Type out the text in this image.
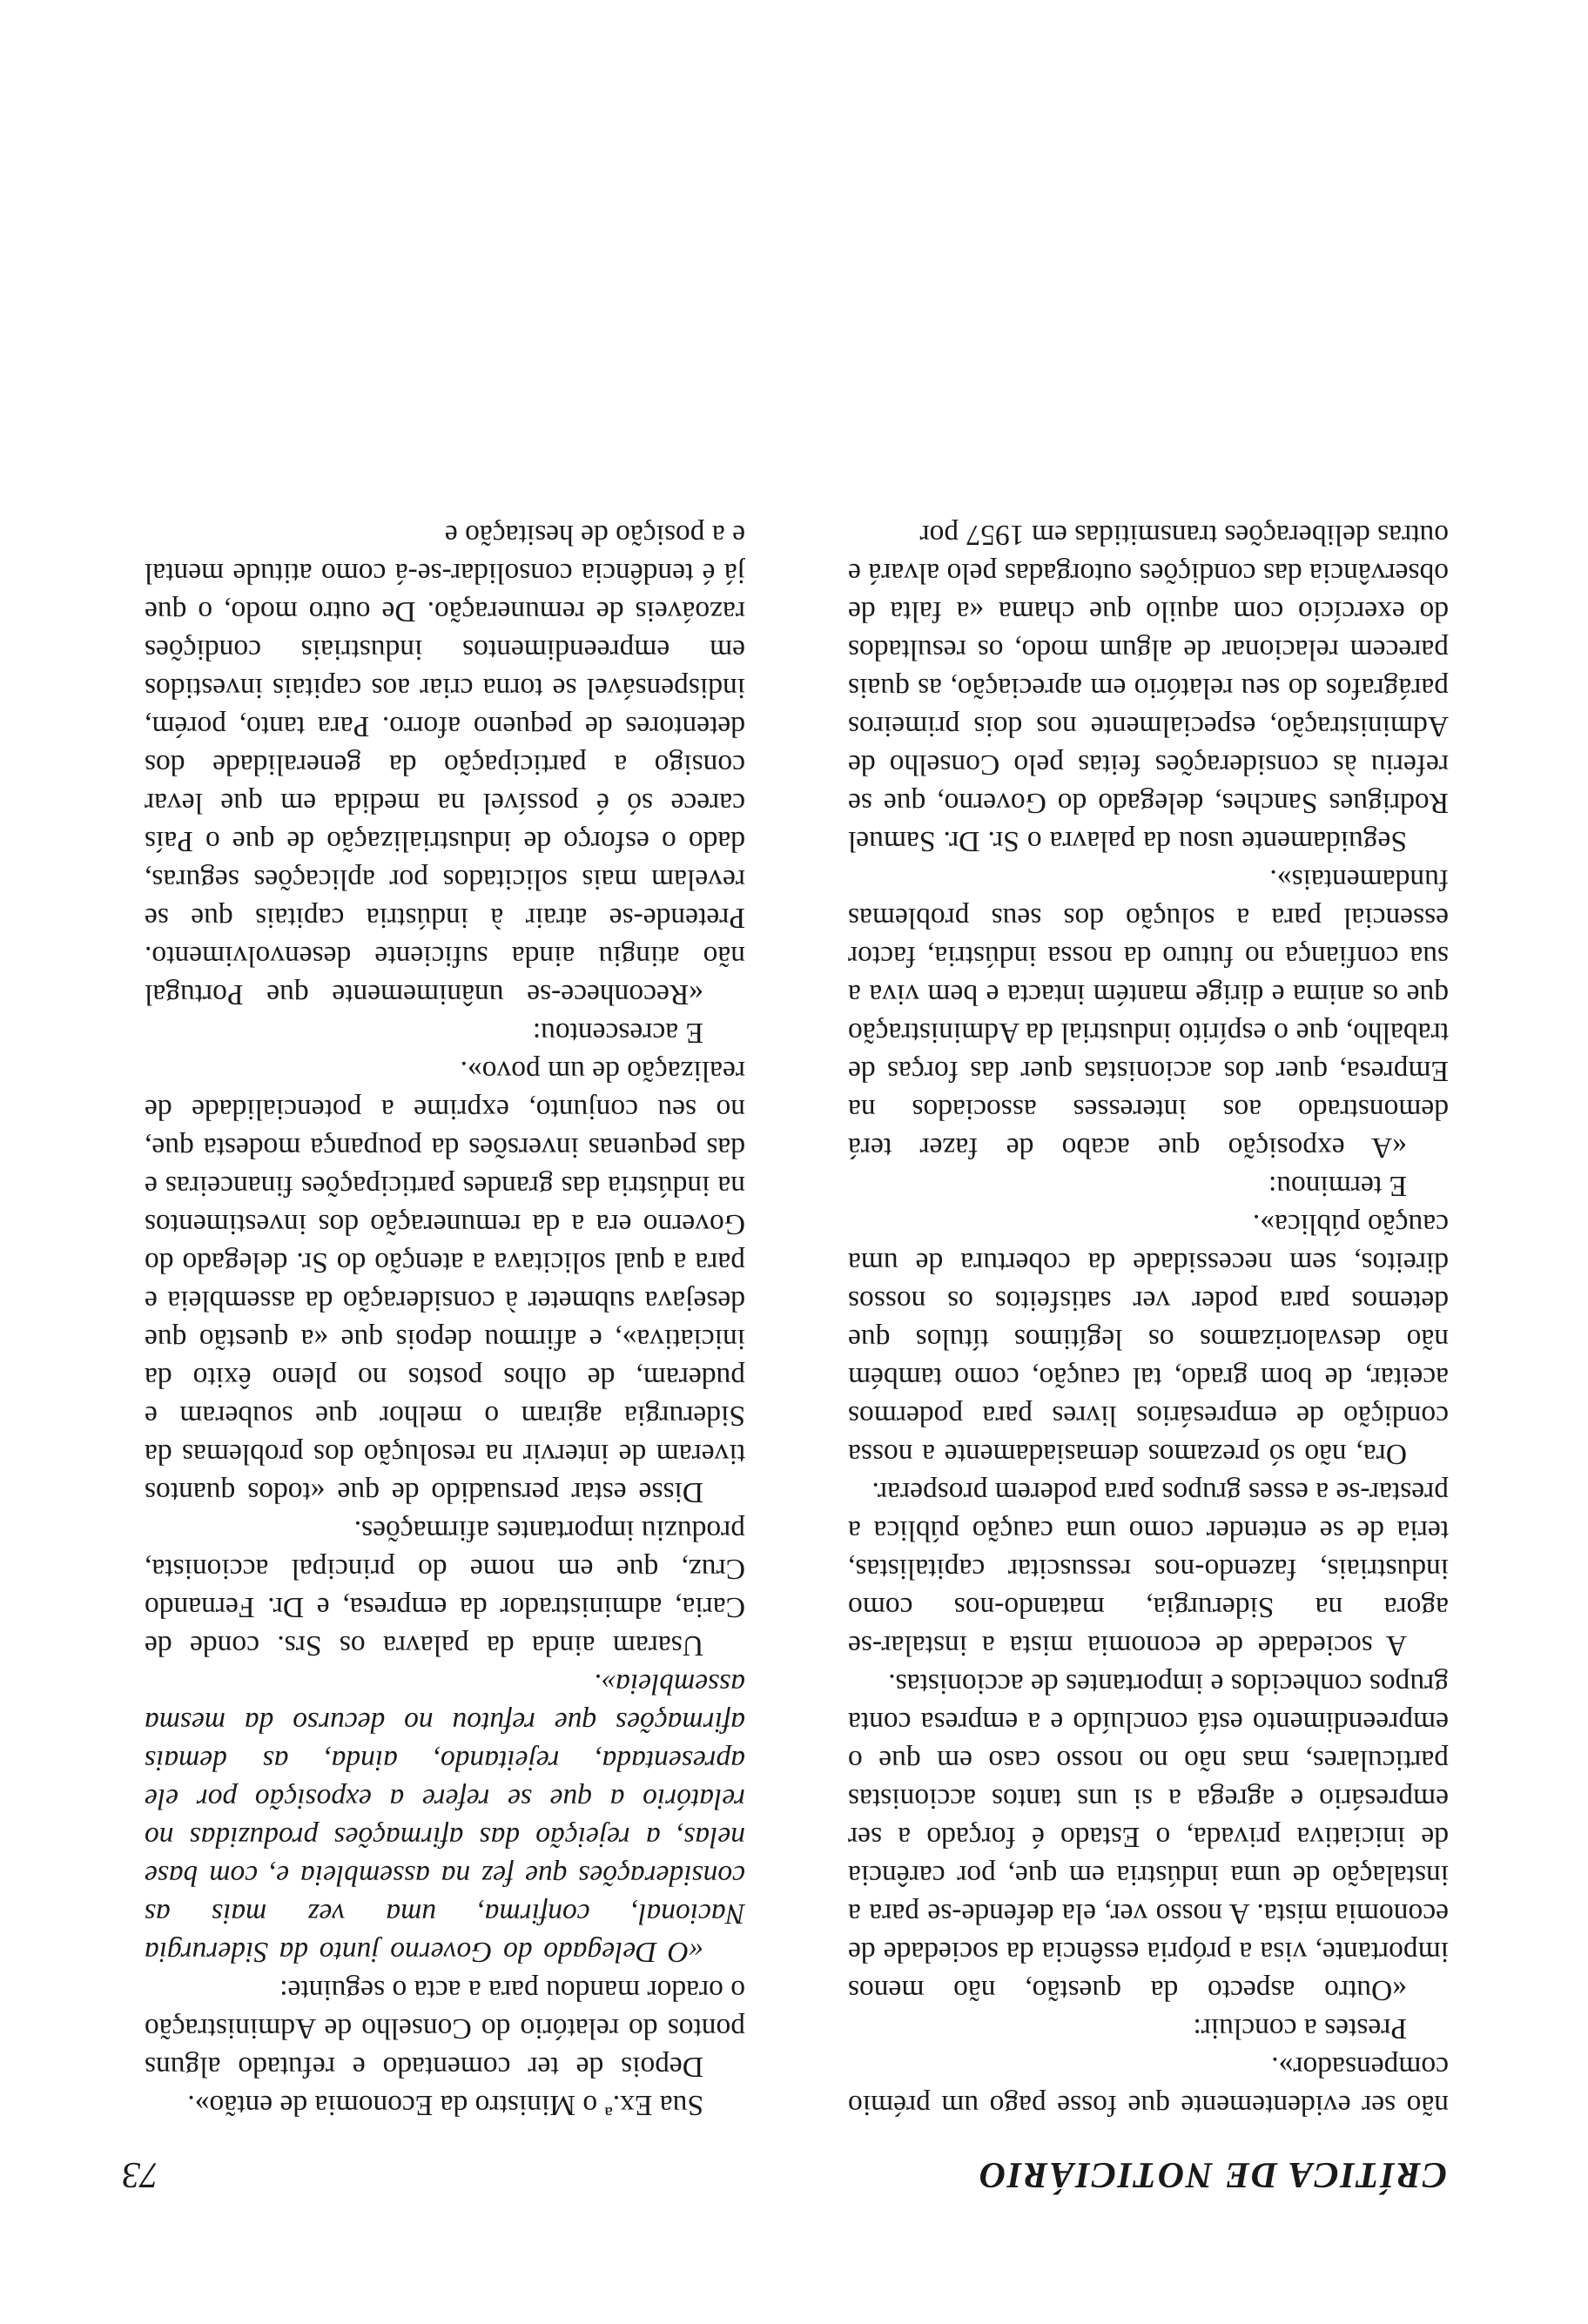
CRÍTICA DE NOTICIÁRIO
73

não ser evidentemente que fosse pago um prémio compensador».

Prestes a concluir:

«Outro aspecto da questão, não menos importante, visa a própria essência da sociedade de economia mista. A nosso ver, ela defende-se para a instalação de uma indústria em que, por carência de iniciativa privada, o Estado é forçado a ser empresário e agrega a si uns tantos accionistas particulares, mas não no nosso caso em que o empreendimento está concluído e a empresa conta grupos conhecidos e importantes de accionistas.

A sociedade de economia mista a instalar-se agora na Siderurgia, matando-nos como industriais, fazendo-nos ressuscitar capitalistas, teria de se entender como uma caução pública a prestar-se a esses grupos para poderem prosperar.

Ora, não só prezamos demasiadamente a nossa condição de empresários livres para podermos aceitar, de bom grado, tal caução, como também não desvalorizamos os legítimos títulos que detemos para poder ver satisfeitos os nossos direitos, sem necessidade da cobertura de uma caução pública».

E terminou:

«A exposição que acabo de fazer terá demonstrado aos interesses associados na Empresa, quer dos accionistas quer das forças de trabalho, que o espírito industrial da Administração que os anima e dirige mantém intacta e bem viva a sua confiança no futuro da nossa indústria, factor essencial para a solução dos seus problemas fundamentais».

Seguidamente usou da palavra o Sr. Dr. Samuel Rodrigues Sanches, delegado do Governo, que se referiu às considerações feitas pelo Conselho de Administração, especialmente nos dois primeiros parágrafos do seu relatório em apreciação, as quais parecem relacionar de algum modo, os resultados do exercício com aquilo que chama «a falta de observância das condições outorgadas pelo alvará e outras deliberações transmitidas em 1957 por

Sua Ex.ª o Ministro da Economia de então».

Depois de ter comentado e refutado alguns pontos do relatório do Conselho de Administração o orador mandou para a acta o seguinte:

«O Delegado do Governo junto da Siderurgia Nacional, confirma, uma vez mais as considerações que fez na assembleia e, com base nelas, a rejeição das afirmações produzidas no relatório a que se refere a exposição por ele apresentada, rejeitando, ainda, as demais afirmações que refutou no decurso da mesma assembleia».

Usaram ainda da palavra os Srs. conde de Caria, administrador da empresa, e Dr. Fernando Cruz, que em nome do principal accionista, produziu importantes afirmações.

Disse estar persuadido de que «todos quantos tiveram de intervir na resolução dos problemas da Siderurgia agiram o melhor que souberam e puderam, de olhos postos no pleno êxito da iniciativa», e afirmou depois que «a questão que desejava submeter à consideração da assembleia e para a qual solicitava a atenção do Sr. delegado do Governo era a da remuneração dos investimentos na indústria das grandes participações financeiras e das pequenas inversões da poupança modesta que, no seu conjunto, exprime a potencialidade de realização de um povo».

E acrescentou:

«Reconhece-se unânimemente que Portugal não atingiu ainda suficiente desenvolvimento. Pretende-se atrair à indústria capitais que se revelam mais solicitados por aplicações seguras, dado o esforço de industrialização de que o País carece só é possível na medida em que levar consigo a participação da generalidade dos detentores de pequeno aforro. Para tanto, porém, indispensável se torna criar aos capitais investidos em empreendimentos industriais condições razoáveis de remuneração. De outro modo, o que já é tendência consolidar-se-á como atitude mental e a posição de hesitação e
